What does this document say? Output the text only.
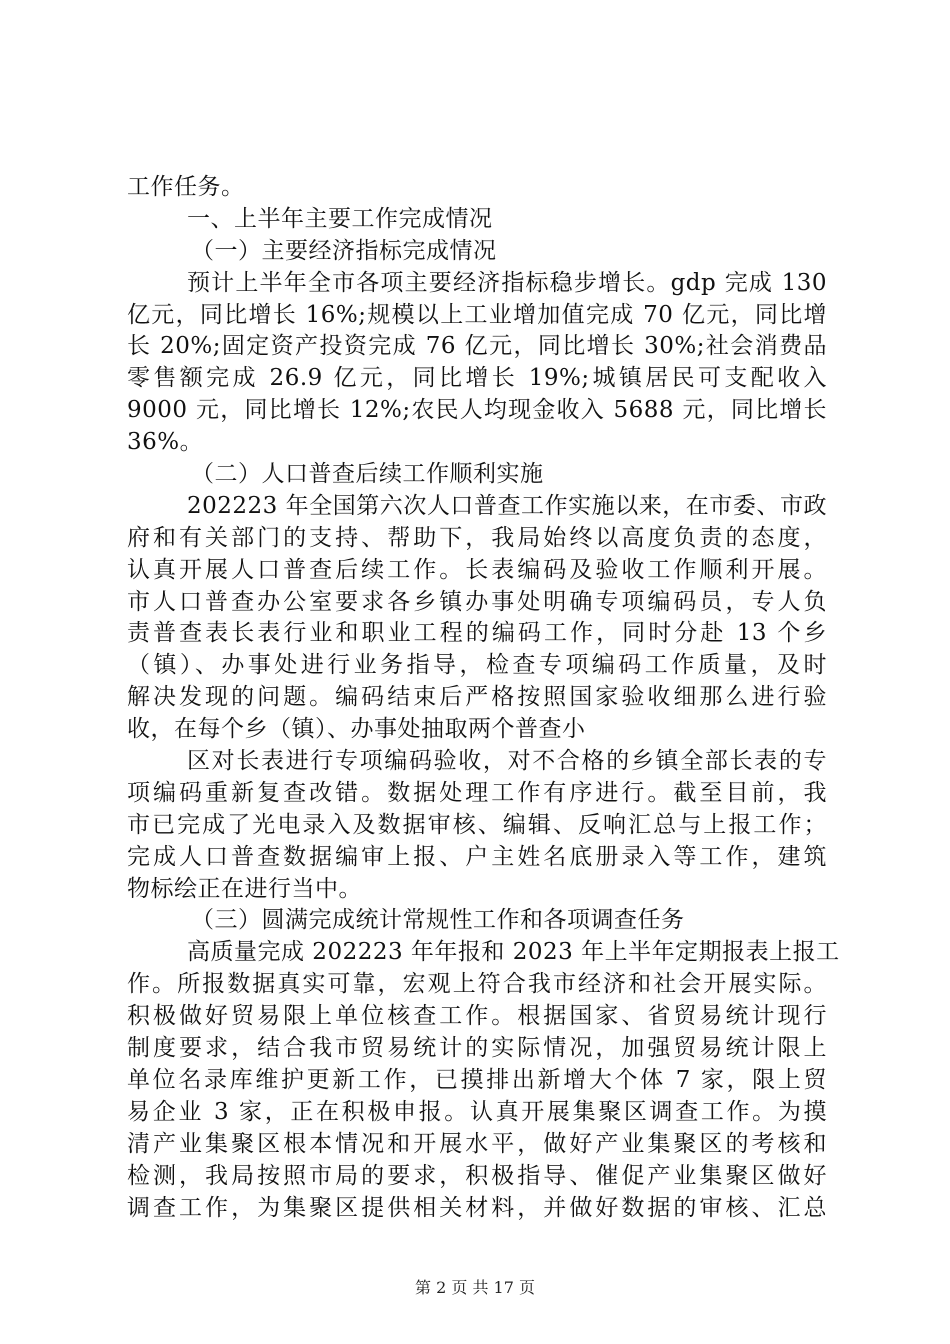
工作任务。
一、上半年主要工作完成情况
（一）主要经济指标完成情况
预计上半年全市各项主要经济指标稳步增长。gdp 完成 130
亿元，同比增长 16%;规模以上工业增加值完成 70 亿元，同比增
长 20%;固定资产投资完成 76 亿元，同比增长 30%;社会消费品
零售额完成 26.9 亿元，同比增长 19%;城镇居民可支配收入
9000 元，同比增长 12%;农民人均现金收入 5688 元，同比增长
36%。
（二）人口普查后续工作顺利实施
202223 年全国第六次人口普查工作实施以来，在市委、市政
府和有关部门的支持、帮助下，我局始终以高度负责的态度，
认真开展人口普查后续工作。长表编码及验收工作顺利开展。
市人口普查办公室要求各乡镇办事处明确专项编码员，专人负
责普查表长表行业和职业工程的编码工作，同时分赴 13 个乡
（镇）、办事处进行业务指导，检查专项编码工作质量，及时
解决发现的问题。编码结束后严格按照国家验收细那么进行验
收，在每个乡（镇）、办事处抽取两个普查小
区对长表进行专项编码验收，对不合格的乡镇全部长表的专
项编码重新复查改错。数据处理工作有序进行。截至目前，我
市已完成了光电录入及数据审核、编辑、反响汇总与上报工作；
完成人口普查数据编审上报、户主姓名底册录入等工作，建筑
物标绘正在进行当中。
（三）圆满完成统计常规性工作和各项调查任务
高质量完成 202223 年年报和 2023 年上半年定期报表上报工
作。所报数据真实可靠，宏观上符合我市经济和社会开展实际。
积极做好贸易限上单位核查工作。根据国家、省贸易统计现行
制度要求，结合我市贸易统计的实际情况，加强贸易统计限上
单位名录库维护更新工作，已摸排出新增大个体 7 家，限上贸
易企业 3 家，正在积极申报。认真开展集聚区调查工作。为摸
清产业集聚区根本情况和开展水平，做好产业集聚区的考核和
检测，我局按照市局的要求，积极指导、催促产业集聚区做好
调查工作，为集聚区提供相关材料，并做好数据的审核、汇总
第 2 页 共 17 页
